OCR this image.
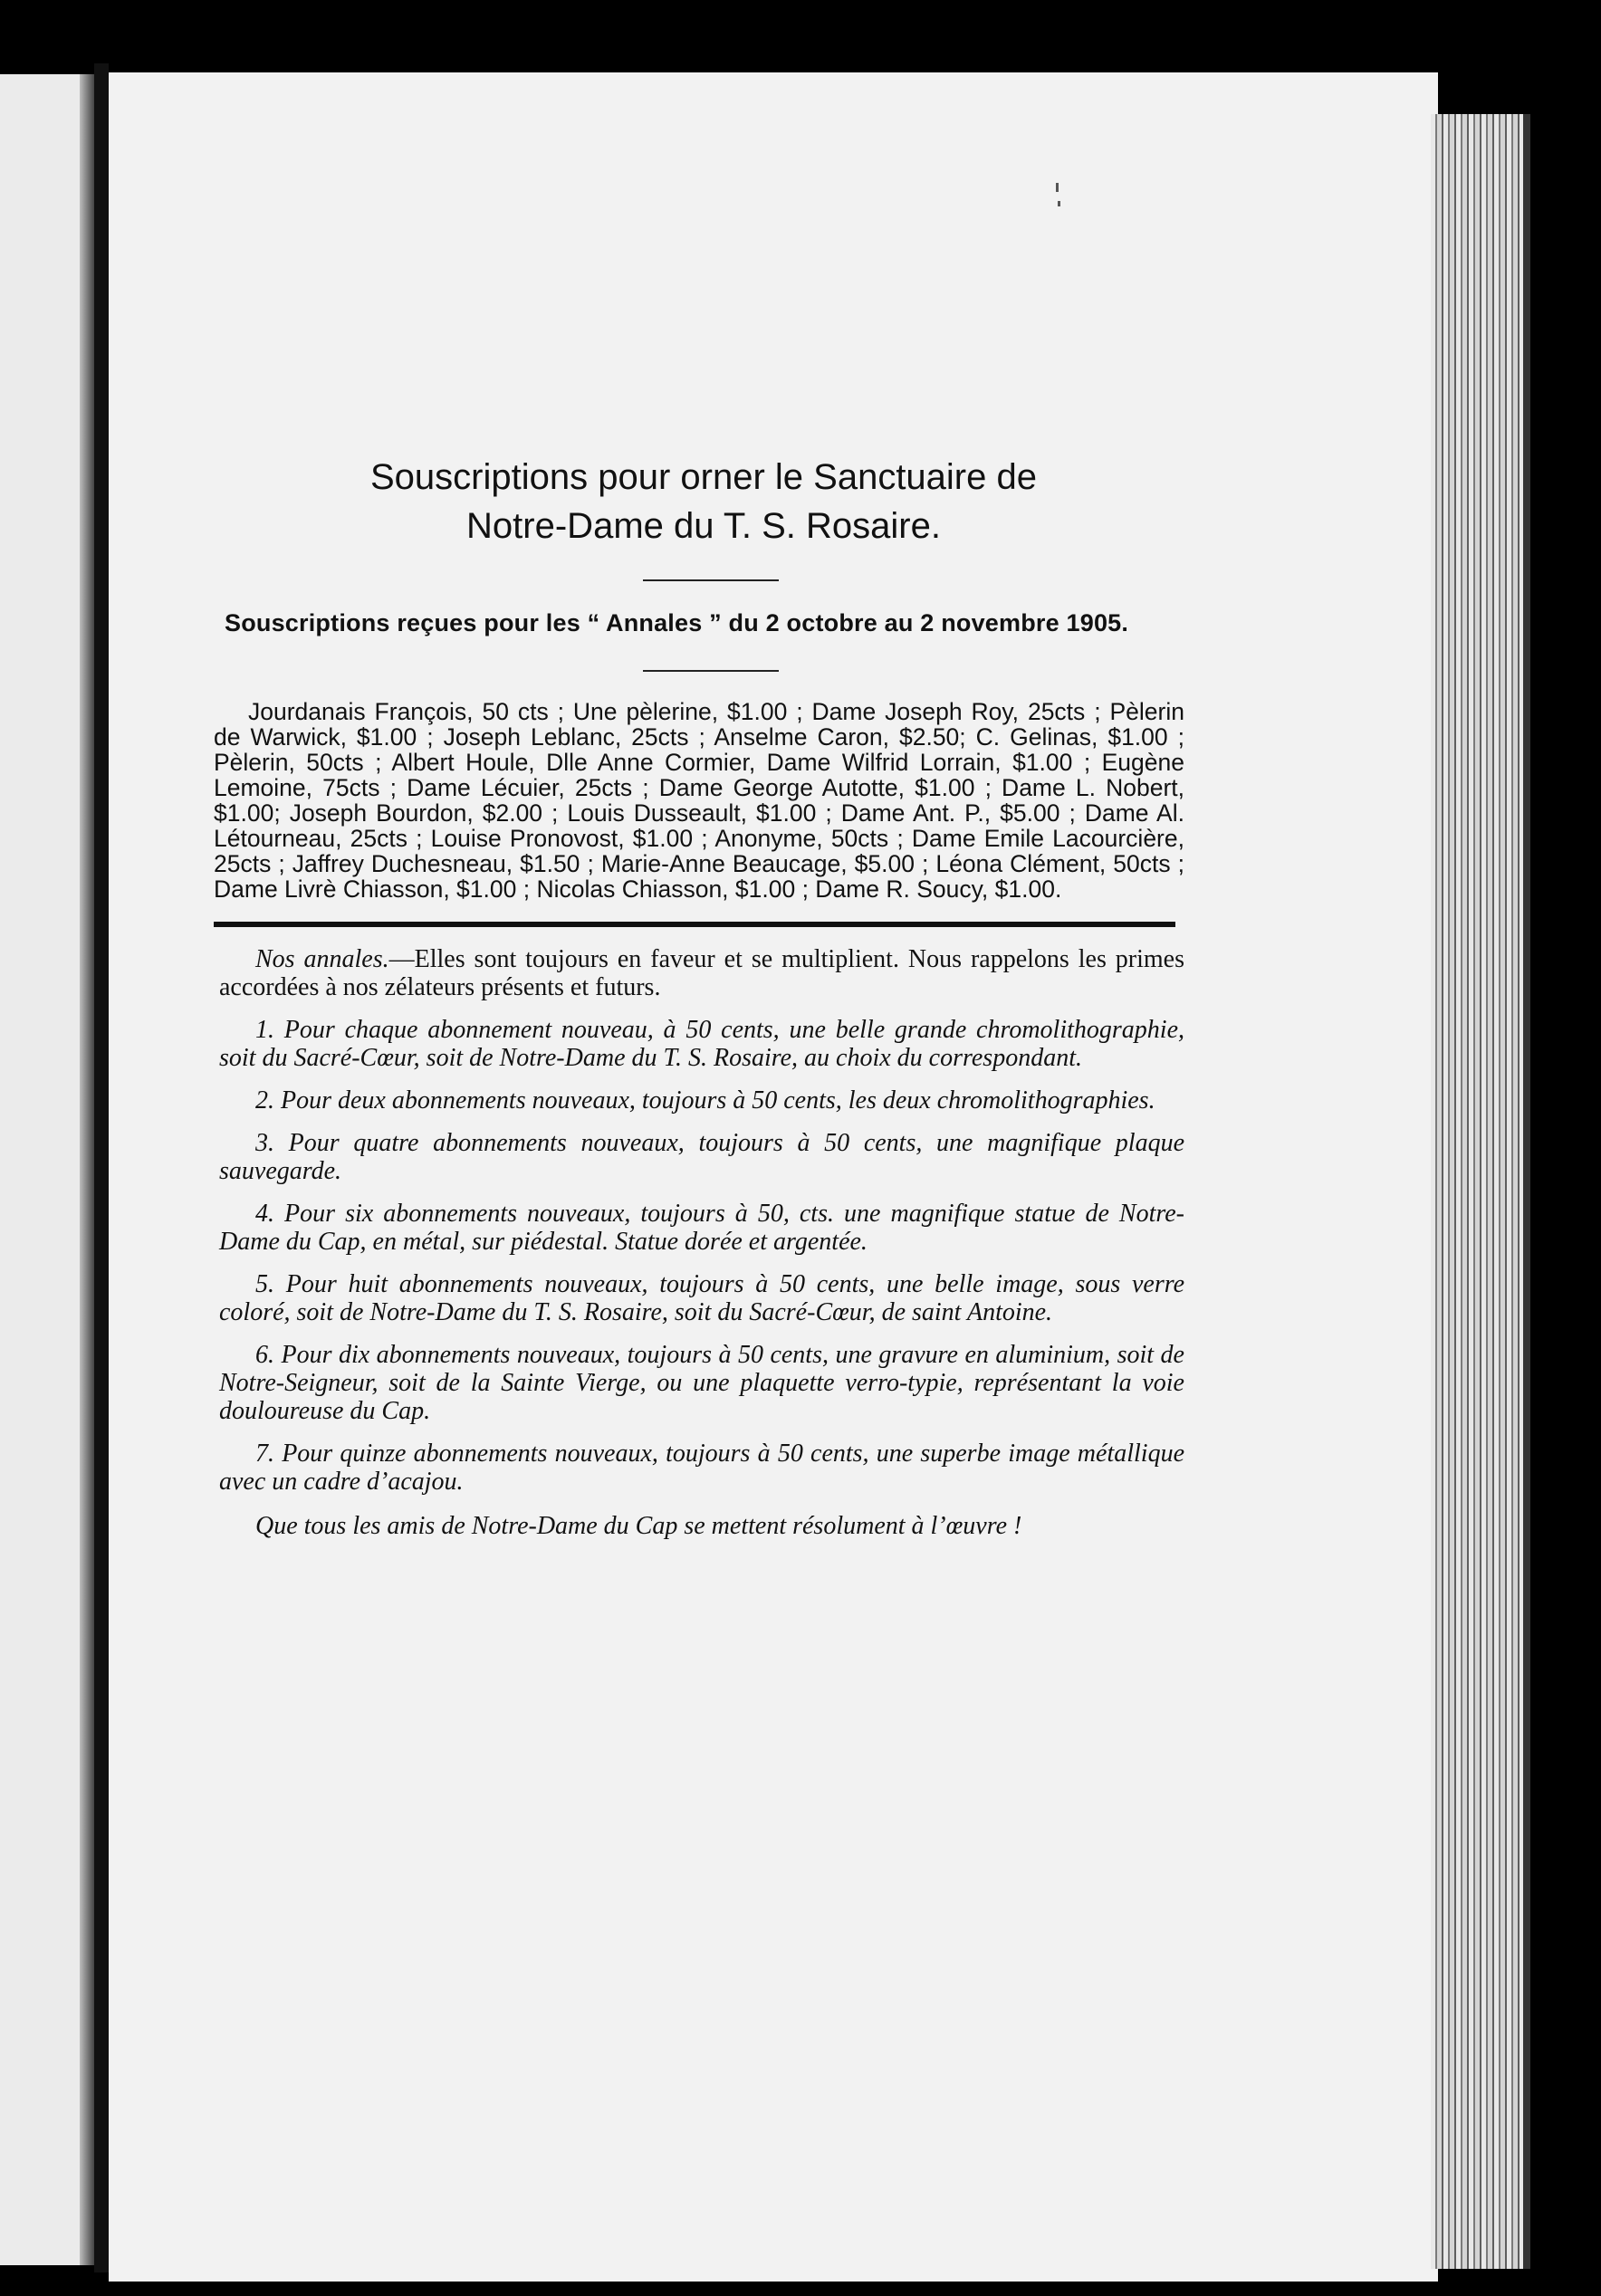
Souscriptions pour orner le Sanctuaire de
Notre-Dame du T. S. Rosaire.
Souscriptions reçues pour les “ Annales ” du 2 octobre au 2 novembre 1905.

Jourdanais François, 50 cts ; Une pèlerine, $1.00 ; Dame Joseph Roy, 25cts ; Pèlerin de Warwick, $1.00 ; Joseph Leblanc, 25cts ; Anselme Caron, $2.50; C. Gelinas, $1.00 ; Pèlerin, 50cts ; Albert Houle, Dlle Anne Cormier, Dame Wilfrid Lorrain, $1.00 ; Eugène Lemoine, 75cts ; Dame Lécuier, 25cts ; Dame George Autotte, $1.00 ; Dame L. Nobert, $1.00; Joseph Bourdon, $2.00 ; Louis Dusseault, $1.00 ; Dame Ant. P., $5.00 ; Dame Al. Létourneau, 25cts ; Louise Pronovost, $1.00 ; Anonyme, 50cts ; Dame Emile Lacourcière, 25cts ; Jaffrey Duchesneau, $1.50 ; Marie-Anne Beaucage, $5.00 ; Léona Clément, 50cts ; Dame Livrè Chiasson, $1.00 ; Nicolas Chiasson, $1.00 ; Dame R. Soucy, $1.00.

Nos annales.—Elles sont toujours en faveur et se multiplient. Nous rappelons les primes accordées à nos zélateurs présents et futurs.

1. Pour chaque abonnement nouveau, à 50 cents, une belle grande chromolithographie, soit du Sacré-Cœur, soit de Notre-Dame du T. S. Rosaire, au choix du correspondant.

2. Pour deux abonnements nouveaux, toujours à 50 cents, les deux chromolithographies.

3. Pour quatre abonnements nouveaux, toujours à 50 cents, une magnifique plaque sauvegarde.

4. Pour six abonnements nouveaux, toujours à 50, cts. une magnifique statue de Notre-Dame du Cap, en métal, sur piédestal. Statue dorée et argentée.

5. Pour huit abonnements nouveaux, toujours à 50 cents, une belle image, sous verre coloré, soit de Notre-Dame du T. S. Rosaire, soit du Sacré-Cœur, de saint Antoine.

6. Pour dix abonnements nouveaux, toujours à 50 cents, une gravure en aluminium, soit de Notre-Seigneur, soit de la Sainte Vierge, ou une plaquette verro-typie, représentant la voie douloureuse du Cap.

7. Pour quinze abonnements nouveaux, toujours à 50 cents, une superbe image métallique avec un cadre d’acajou.

Que tous les amis de Notre-Dame du Cap se mettent résolument à l’œuvre !
